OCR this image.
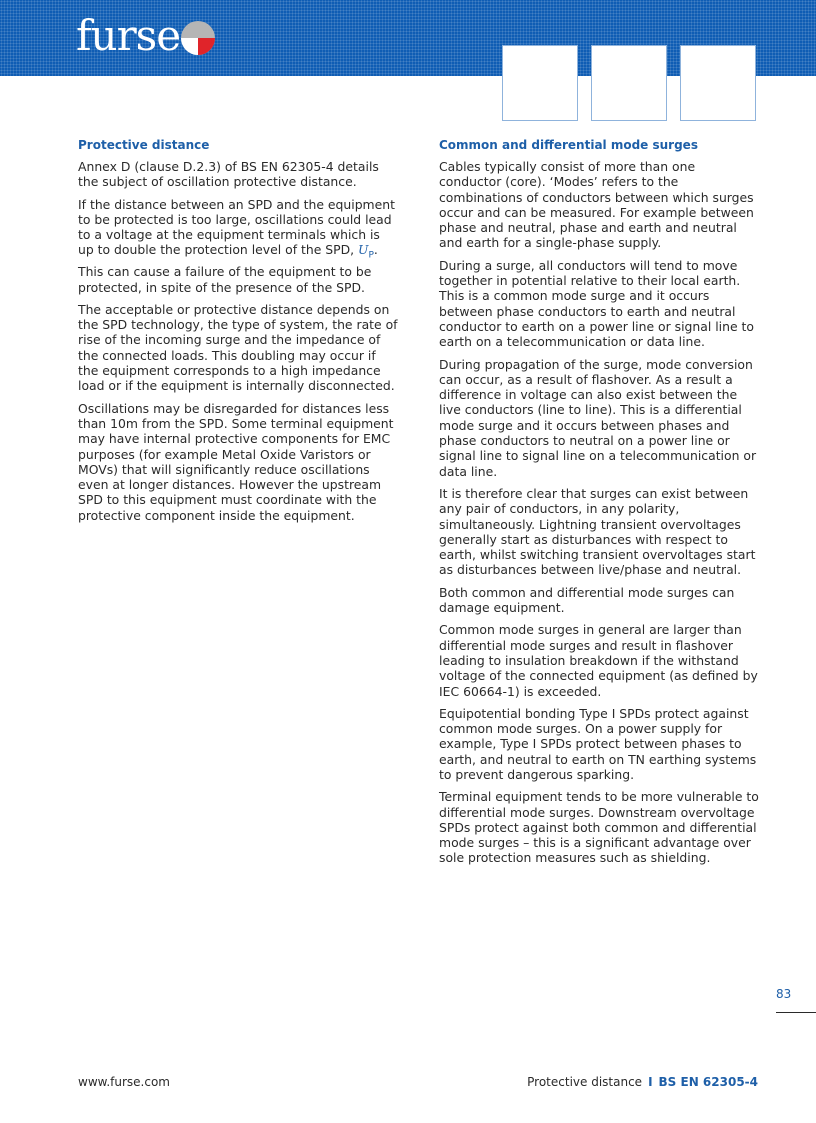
furse
Protective distance

Annex D (clause D.2.3) of BS EN 62305-4 details the subject of oscillation protective distance.

If the distance between an SPD and the equipment to be protected is too large, oscillations could lead to a voltage at the equipment terminals which is up to double the protection level of the SPD, $U_P$. This can cause a failure of the equipment to be protected, in spite of the presence of the SPD.

The acceptable or protective distance depends on the SPD technology, the type of system, the rate of rise of the incoming surge and the impedance of the connected loads. This doubling may occur if the equipment corresponds to a high impedance load or if the equipment is internally disconnected.

Oscillations may be disregarded for distances less than 10m from the SPD. Some terminal equipment may have internal protective components for EMC purposes (for example Metal Oxide Varistors or MOVs) that will significantly reduce oscillations even at longer distances. However the upstream SPD to this equipment must coordinate with the protective component inside the equipment.

Common and differential mode surges

Cables typically consist of more than one conductor (core). ‘Modes’ refers to the combinations of conductors between which surges occur and can be measured. For example between phase and neutral, phase and earth and neutral and earth for a single-phase supply.

During a surge, all conductors will tend to move together in potential relative to their local earth. This is a common mode surge and it occurs between phase conductors to earth and neutral conductor to earth on a power line or signal line to earth on a telecommunication or data line.

During propagation of the surge, mode conversion can occur, as a result of flashover. As a result a difference in voltage can also exist between the live conductors (line to line). This is a differential mode surge and it occurs between phases and phase conductors to neutral on a power line or signal line to signal line on a telecommunication or data line.

It is therefore clear that surges can exist between any pair of conductors, in any polarity, simultaneously. Lightning transient overvoltages generally start as disturbances with respect to earth, whilst switching transient overvoltages start as disturbances between live/phase and neutral.

Both common and differential mode surges can damage equipment.

Common mode surges in general are larger than differential mode surges and result in flashover leading to insulation breakdown if the withstand voltage of the connected equipment (as defined by IEC 60664-1) is exceeded.

Equipotential bonding Type I SPDs protect against common mode surges. On a power supply for example, Type I SPDs protect between phases to earth, and neutral to earth on TN earthing systems to prevent dangerous sparking.

Terminal equipment tends to be more vulnerable to differential mode surges. Downstream overvoltage SPDs protect against both common and differential mode surges – this is a significant advantage over sole protection measures such as shielding.

83
www.furse.com	Protective distance I BS EN 62305-4
